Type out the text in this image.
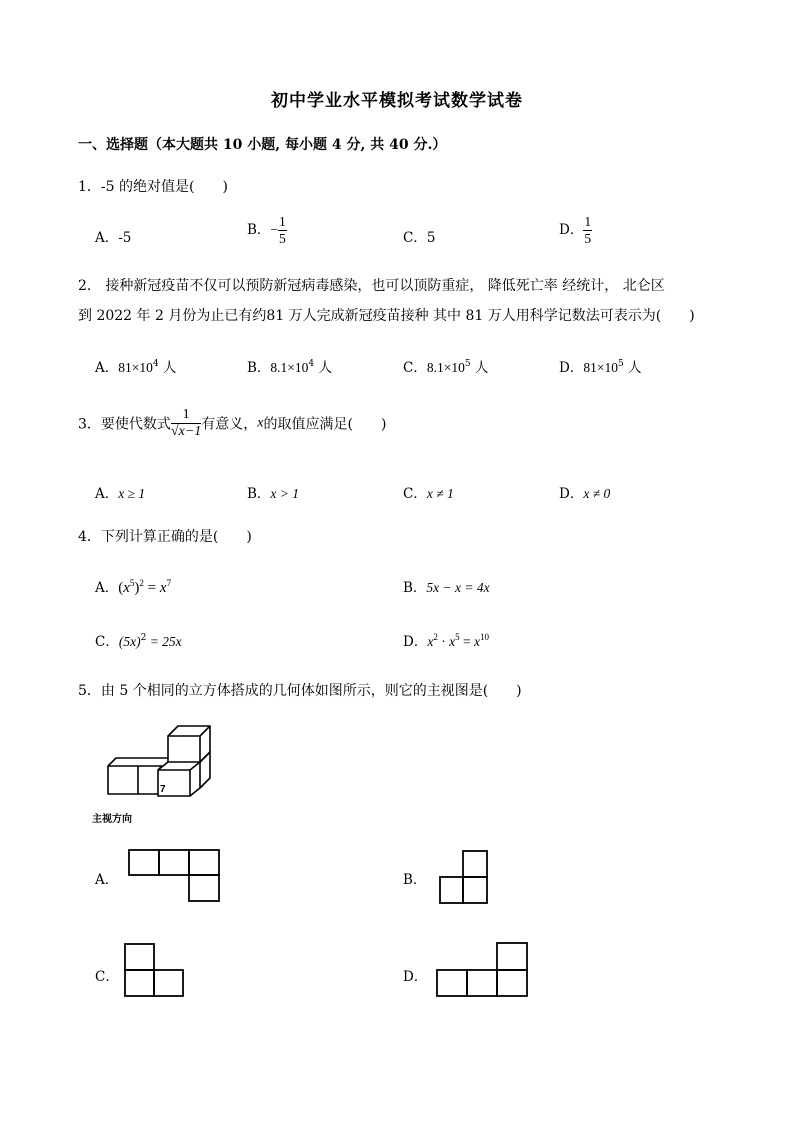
初中学业水平模拟考试数学试卷
一、选择题（本大题共 10 小题, 每小题 4 分, 共 40 分.）
1．-5 的绝对值是(　　)
A．-5	B．− $\frac{1}{5}$	C．5	D． $\frac{1}{5}$
2． 接种新冠疫苗不仅可以预防新冠病毒感染，也可以顶防重症， 降低死亡率 经统计， 北仑区
到 2022 年 2 月份为止已有约81 万人完成新冠疫苗接种 其中 81 万人用科学记数法可表示为(　　)
A．$81\times 10^4$ 人	B．$8.1\times 10^4$ 人	C．$8.1\times 10^5$ 人	D．$81\times 10^5$ 人
3．要使代数式 $\frac{1}{√x-1}$ 有意义，x的取值应满足(　　)
A．x ≥ 1	B．x > 1	C．x ≠ 1	D．x ≠ 0
4．下列计算正确的是(　　)
A．$(x^5)^2 = x^7$	B．5x − x = 4x
C．$(5x)^2 = 25x$	D．$x^2 \cdot x^5 = x^{10}$
5．由 5 个相同的立方体搭成的几何体如图所示，则它的主视图是(　　)
7
主视方向
A．	B．
C．	D．
